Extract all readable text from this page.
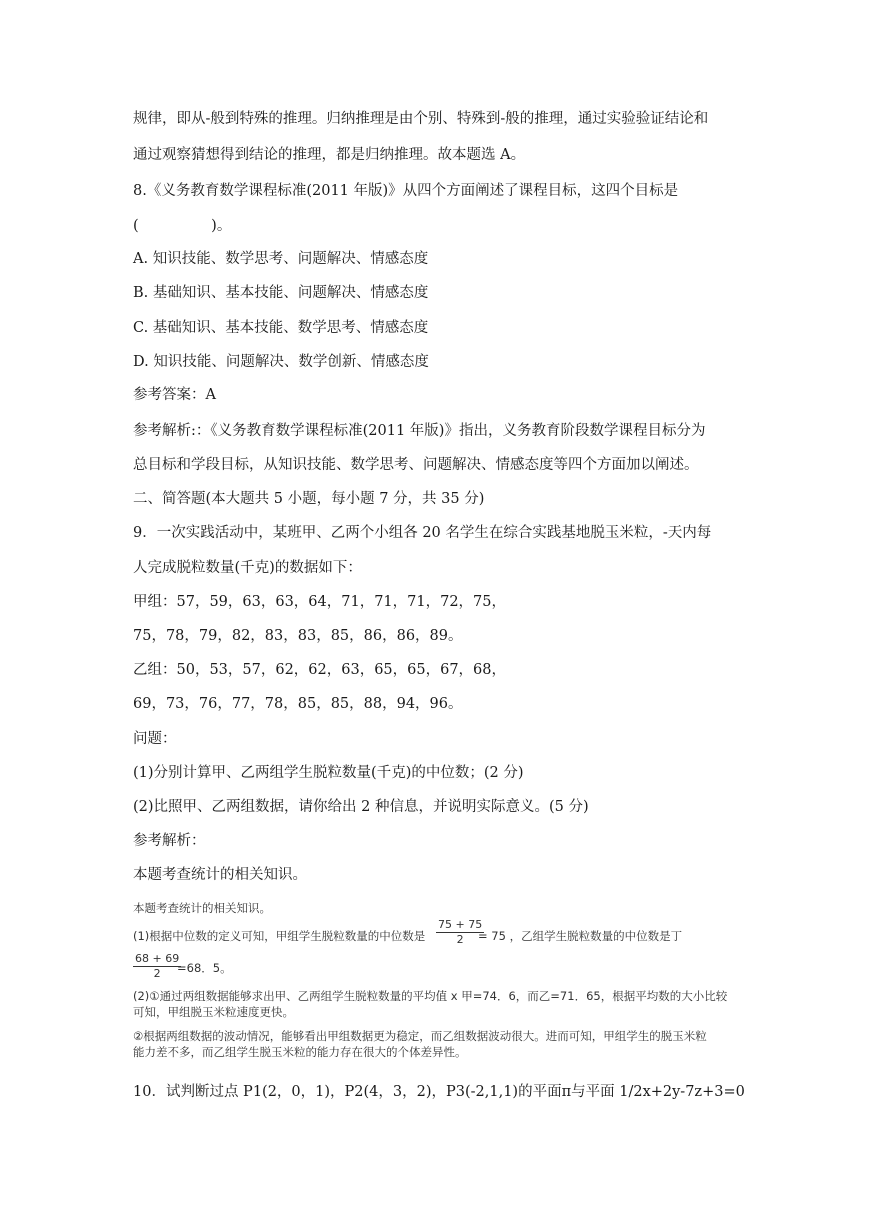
规律，即从-般到特殊的推理。归纳推理是由个别、特殊到-般的推理，通过实验验证结论和
通过观察猜想得到结论的推理，都是归纳推理。故本题选 A。
8.《义务教育数学课程标准(2011 年版)》从四个方面阐述了课程目标，这四个目标是
(　　　　　)。
A. 知识技能、数学思考、问题解决、情感态度
B. 基础知识、基本技能、问题解决、情感态度
C. 基础知识、基本技能、数学思考、情感态度
D. 知识技能、问题解决、数学创新、情感态度
参考答案：A
参考解析:：《义务教育数学课程标准(2011 年版)》指出，义务教育阶段数学课程目标分为
总目标和学段目标，从知识技能、数学思考、问题解决、情感态度等四个方面加以阐述。
二、简答题(本大题共 5 小题，每小题 7 分，共 35 分)
9．一次实践活动中，某班甲、乙两个小组各 20 名学生在综合实践基地脱玉米粒，-天内每
人完成脱粒数量(千克)的数据如下：
甲组：57，59，63，63，64，71，71，71，72，75，
75，78，79，82，83，83，85，86，86，89。
乙组：50，53，57，62，62，63，65，65，67，68，
69，73，76，77，78，85，85，88，94，96。
问题：
(1)分别计算甲、乙两组学生脱粒数量(千克)的中位数；(2 分)
(2)比照甲、乙两组数据，请你给出 2 种信息，并说明实际意义。(5 分)
参考解析：
本题考查统计的相关知识。
本题考查统计的相关知识。
(1)根据中位数的定义可知，甲组学生脱粒数量的中位数是 $\frac{75 + 75}{2}$
= 75 ，乙组学生脱粒数量的中位数是丁
$\frac{68 + 69}{2}$
=68．5。
(2)①通过两组数据能够求出甲、乙两组学生脱粒数量的平均值 x 甲=74．6，而乙=71．65，根据平均数的大小比较
可知，甲组脱玉米粒速度更快。
②根据两组数据的波动情况，能够看出甲组数据更为稳定，而乙组数据波动很大。进而可知，甲组学生的脱玉米粒
能力差不多，而乙组学生脱玉米粒的能力存在很大的个体差异性。
10．试判断过点 P1(2，0，1)，P2(4，3，2)，P3(-2,1,1)的平面π与平面 1/2x+2y-7z+3=0
